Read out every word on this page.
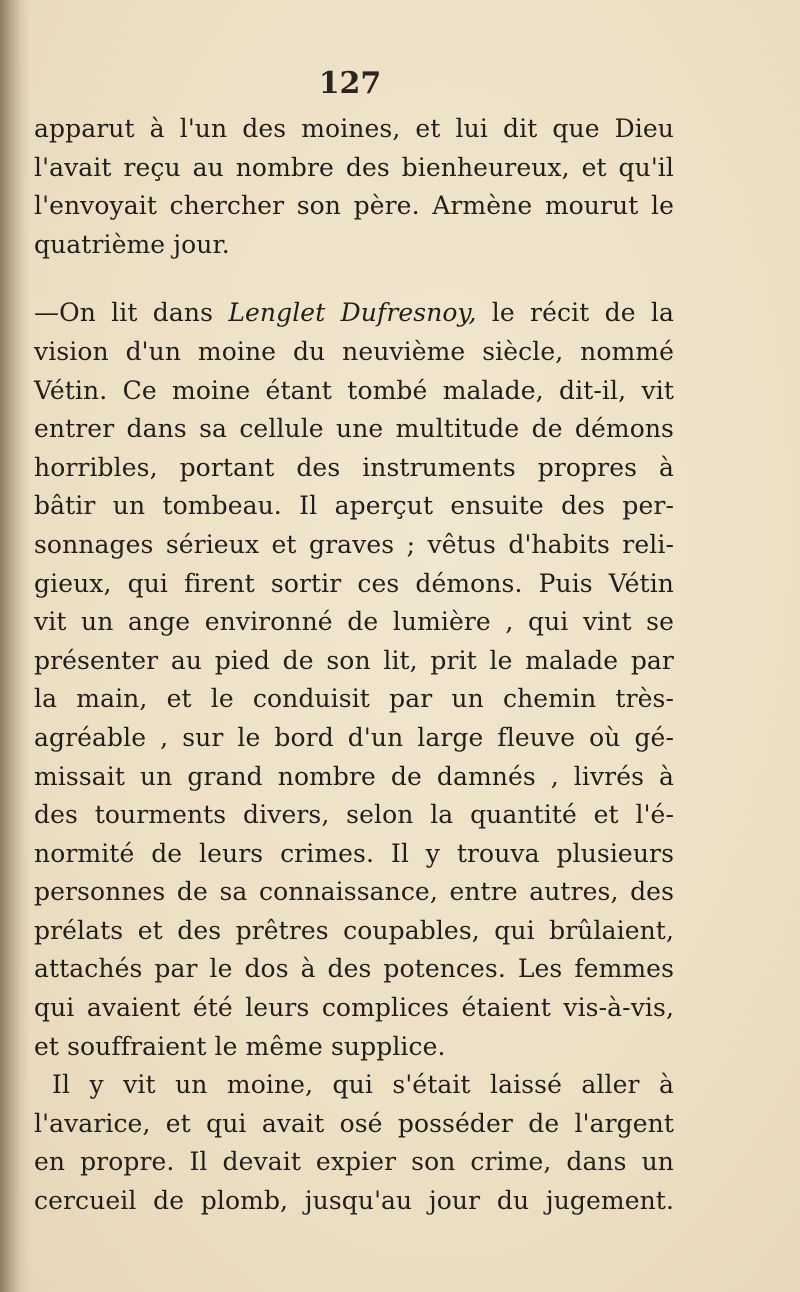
127
apparut à l'un des moines, et lui dit que Dieu
l'avait reçu au nombre des bienheureux, et qu'il
l'envoyait chercher son père. Armène mourut le
quatrième jour.
—On lit dans Lenglet Dufresnoy, le récit de la
vision d'un moine du neuvième siècle, nommé
Vétin. Ce moine étant tombé malade, dit-il, vit
entrer dans sa cellule une multitude de démons
horribles, portant des instruments propres à
bâtir un tombeau. Il aperçut ensuite des per-
sonnages sérieux et graves ; vêtus d'habits reli-
gieux, qui firent sortir ces démons. Puis Vétin
vit un ange environné de lumière , qui vint se
présenter au pied de son lit, prit le malade par
la main, et le conduisit par un chemin très-
agréable , sur le bord d'un large fleuve où gé-
missait un grand nombre de damnés , livrés à
des tourments divers, selon la quantité et l'é-
normité de leurs crimes. Il y trouva plusieurs
personnes de sa connaissance, entre autres, des
prélats et des prêtres coupables, qui brûlaient,
attachés par le dos à des potences. Les femmes
qui avaient été leurs complices étaient vis-à-vis,
et souffraient le même supplice.
Il y vit un moine, qui s'était laissé aller à
l'avarice, et qui avait osé posséder de l'argent
en propre. Il devait expier son crime, dans un
cercueil de plomb, jusqu'au jour du jugement.
